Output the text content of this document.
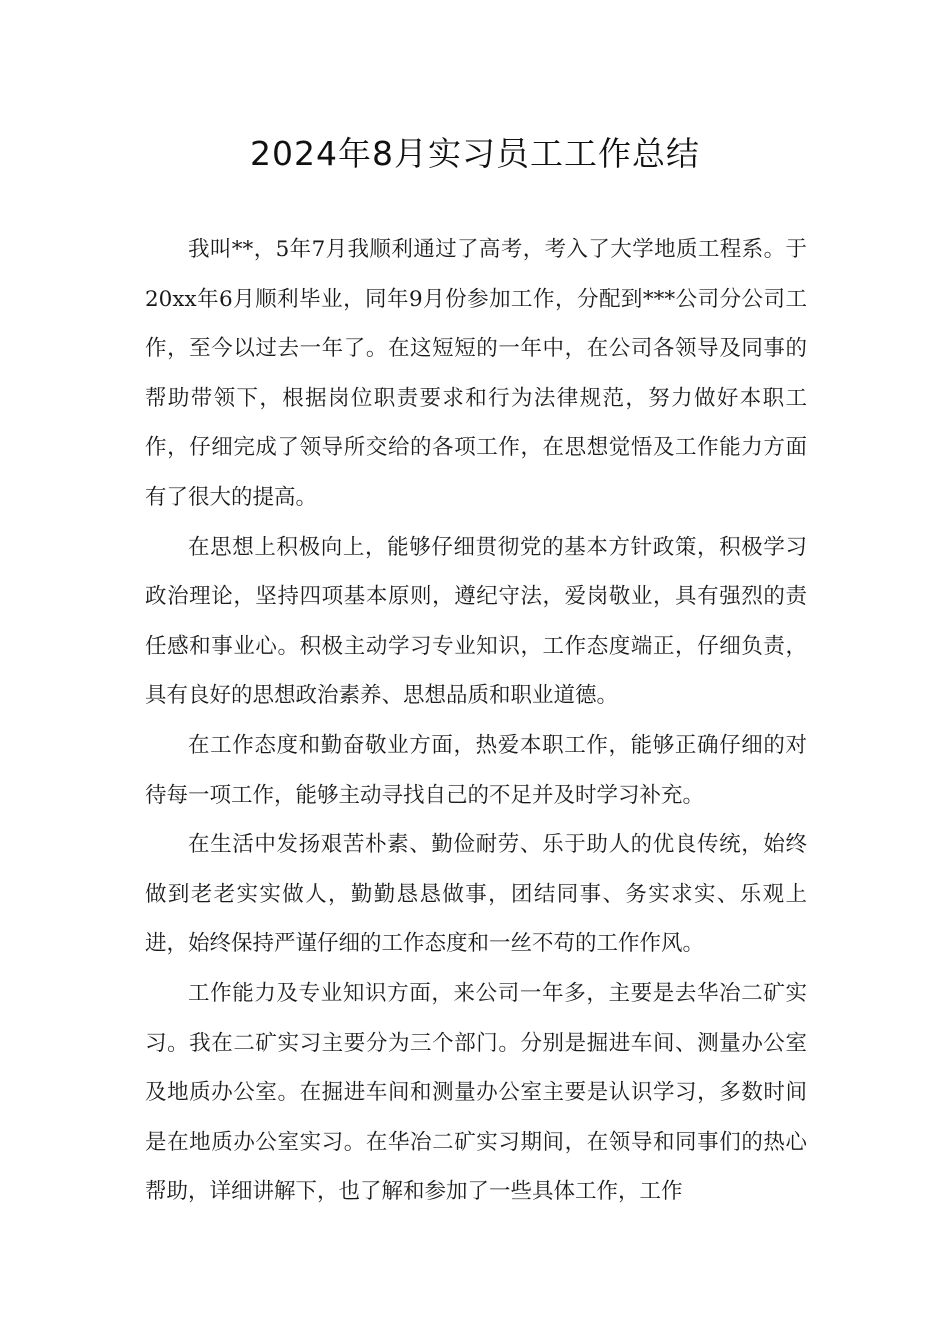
2024年8月实习员工工作总结

我叫**，5年7月我顺利通过了高考，考入了大学地质工程系。于20xx年6月顺利毕业，同年9月份参加工作，分配到***公司分公司工作，至今以过去一年了。在这短短的一年中，在公司各领导及同事的帮助带领下，根据岗位职责要求和行为法律规范，努力做好本职工作，仔细完成了领导所交给的各项工作，在思想觉悟及工作能力方面有了很大的提高。

在思想上积极向上，能够仔细贯彻党的基本方针政策，积极学习政治理论，坚持四项基本原则，遵纪守法，爱岗敬业，具有强烈的责任感和事业心。积极主动学习专业知识，工作态度端正，仔细负责，具有良好的思想政治素养、思想品质和职业道德。

在工作态度和勤奋敬业方面，热爱本职工作，能够正确仔细的对待每一项工作，能够主动寻找自己的不足并及时学习补充。

在生活中发扬艰苦朴素、勤俭耐劳、乐于助人的优良传统，始终做到老老实实做人，勤勤恳恳做事，团结同事、务实求实、乐观上进，始终保持严谨仔细的工作态度和一丝不苟的工作作风。

工作能力及专业知识方面，来公司一年多，主要是去华冶二矿实习。我在二矿实习主要分为三个部门。分别是掘进车间、测量办公室及地质办公室。在掘进车间和测量办公室主要是认识学习，多数时间是在地质办公室实习。在华冶二矿实习期间，在领导和同事们的热心帮助，详细讲解下，也了解和参加了一些具体工作，工作
